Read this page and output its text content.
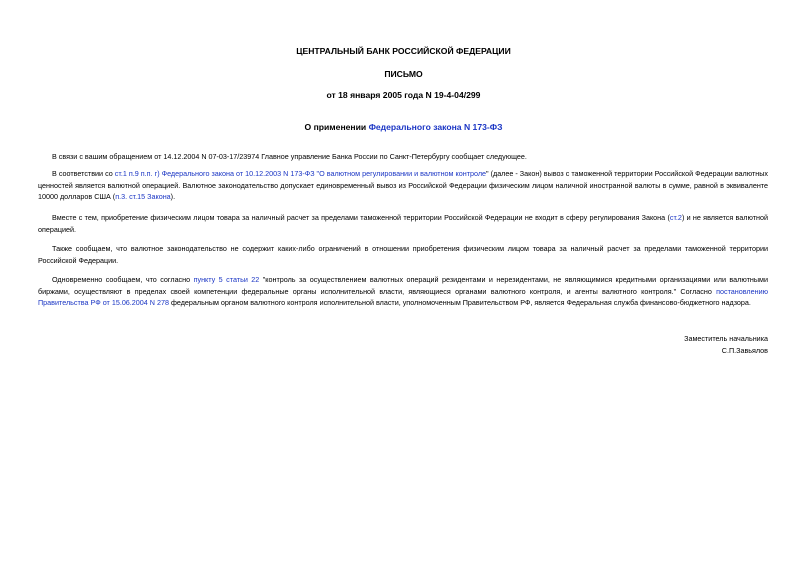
ЦЕНТРАЛЬНЫЙ БАНК РОССИЙСКОЙ ФЕДЕРАЦИИ
ПИСЬМО
от 18 января 2005 года N 19-4-04/299
О применении Федерального закона N 173-ФЗ

В связи с вашим обращением от 14.12.2004 N 07-03-17/23974 Главное управление Банка России по Санкт-Петербургу сообщает следующее.

В соответствии со ст.1 п.9 п.п. г) Федерального закона от 10.12.2003 N 173-ФЗ "О валютном регулировании и валютном контроле" (далее - Закон) вывоз с таможенной территории Российской Федерации валютных ценностей является валютной операцией. Валютное законодательство допускает единовременный вывоз из Российской Федерации физическим лицом наличной иностранной валюты в сумме, равной в эквиваленте 10000 долларов США (п.3. ст.15 Закона).

Вместе с тем, приобретение физическим лицом товара за наличный расчет за пределами таможенной территории Российской Федерации не входит в сферу регулирования Закона (ст.2) и не является валютной операцией.

Также сообщаем, что валютное законодательство не содержит каких-либо ограничений в отношении приобретения физическим лицом товара за наличный расчет за пределами таможенной территории Российской Федерации.

Одновременно сообщаем, что согласно пункту 5 статьи 22 "контроль за осуществлением валютных операций резидентами и нерезидентами, не являющимися кредитными организациями или валютными биржами, осуществляют в пределах своей компетенции федеральные органы исполнительной власти, являющиеся органами валютного контроля, и агенты валютного контроля." Согласно постановлению Правительства РФ от 15.06.2004 N 278 федеральным органом валютного контроля исполнительной власти, уполномоченным Правительством РФ, является Федеральная служба финансово-бюджетного надзора.

Заместитель начальника
С.П.Завьялов
